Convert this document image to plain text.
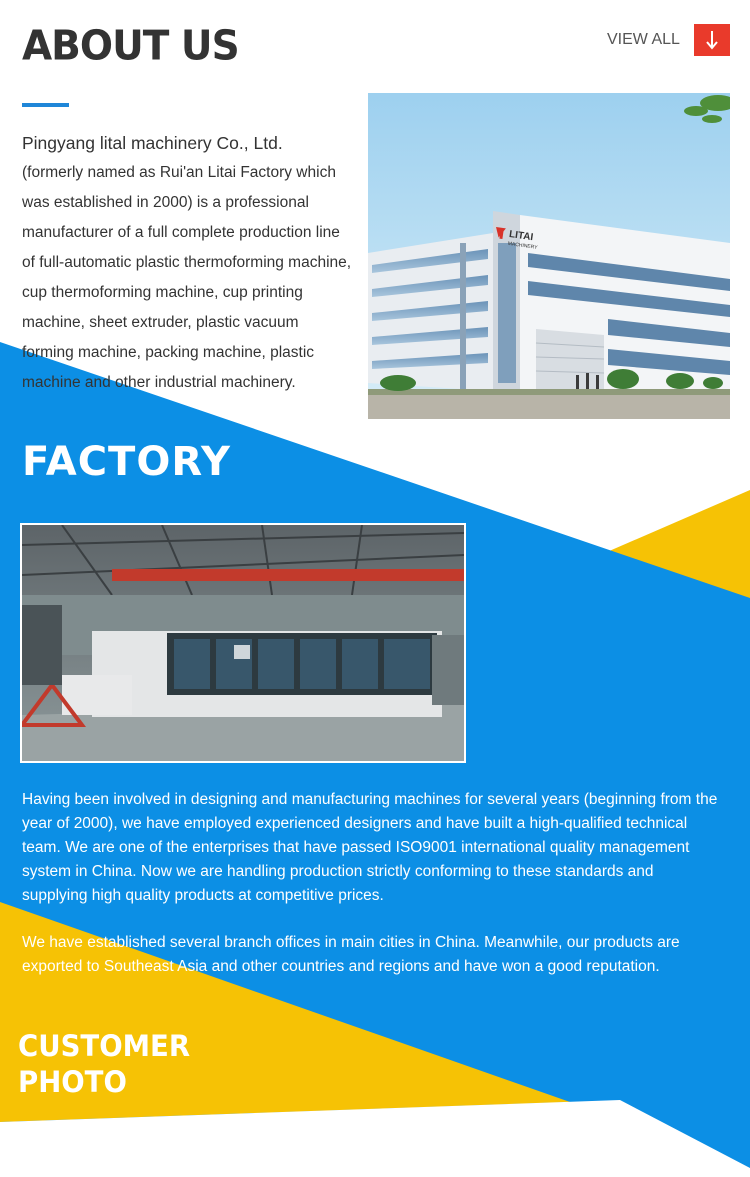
ABOUT US	VIEW ALL
Pingyang lital machinery Co., Ltd.
(formerly named as Rui'an Litai Factory which was established in 2000) is a professional manufacturer of a full complete production line of full-automatic plastic thermoforming machine, cup thermoforming machine, cup printing machine, sheet extruder, plastic vacuum forming machine, packing machine, plastic machine and other industrial machinery.
LITAI
MACHINERY
FACTORY

Having been involved in designing and manufacturing machines for several years (beginning from the year of 2000), we have employed experienced designers and have built a high-qualified technical team. We are one of the enterprises that have passed ISO9001 international quality management system in China. Now we are handling production strictly conforming to these standards and supplying high quality products at competitive prices.

We have established several branch offices in main cities in China. Meanwhile, our products are exported to Southeast Asia and other countries and regions and have won a good reputation.

CUSTOMER
PHOTO
